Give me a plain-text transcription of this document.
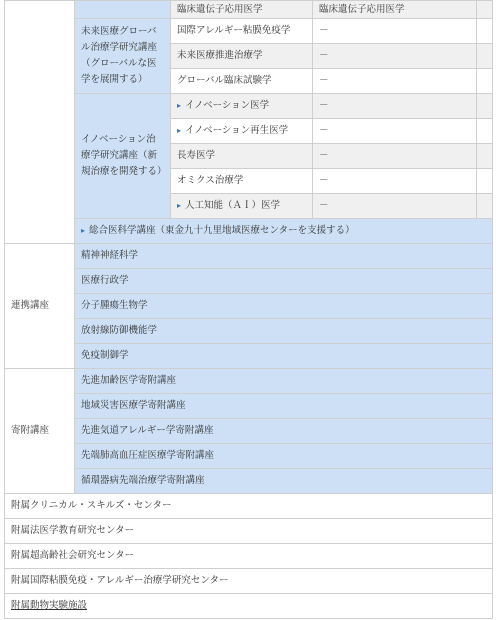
		臨床遺伝子応用医学	臨床遺伝子応用医学	
	未来医療グローバル治療学研究講座（グローバルな医学を展開する）	国際アレルギー粘膜免疫学	－	
		未来医療推進治療学	－	
		グローバル臨床試験学	－	
	イノベーション治療学研究講座（新規治療を開発する）	▸ イノベーション医学	－	
		▸ イノベーション再生医学	－	
		長寿医学	－	
		オミクス治療学	－	
		▸ 人工知能（ＡＩ）医学	－	
	▸ 総合医科学講座（東金九十九里地域医療センターを支援する）			
連携講座	精神神経科学			
	医療行政学			
	分子腫瘍生物学			
	放射線防御機能学			
	免疫制御学			
寄附講座	先進加齢医学寄附講座			
	地域災害医療学寄附講座			
	先進気道アレルギー学寄附講座			
	先端肺高血圧症医療学寄附講座			
	循環器病先端治療学寄附講座			
附属クリニカル・スキルズ・センター				
附属法医学教育研究センター				
附属超高齢社会研究センター				
附属国際粘膜免疫・アレルギー治療学研究センター				
附属動物実験施設				
